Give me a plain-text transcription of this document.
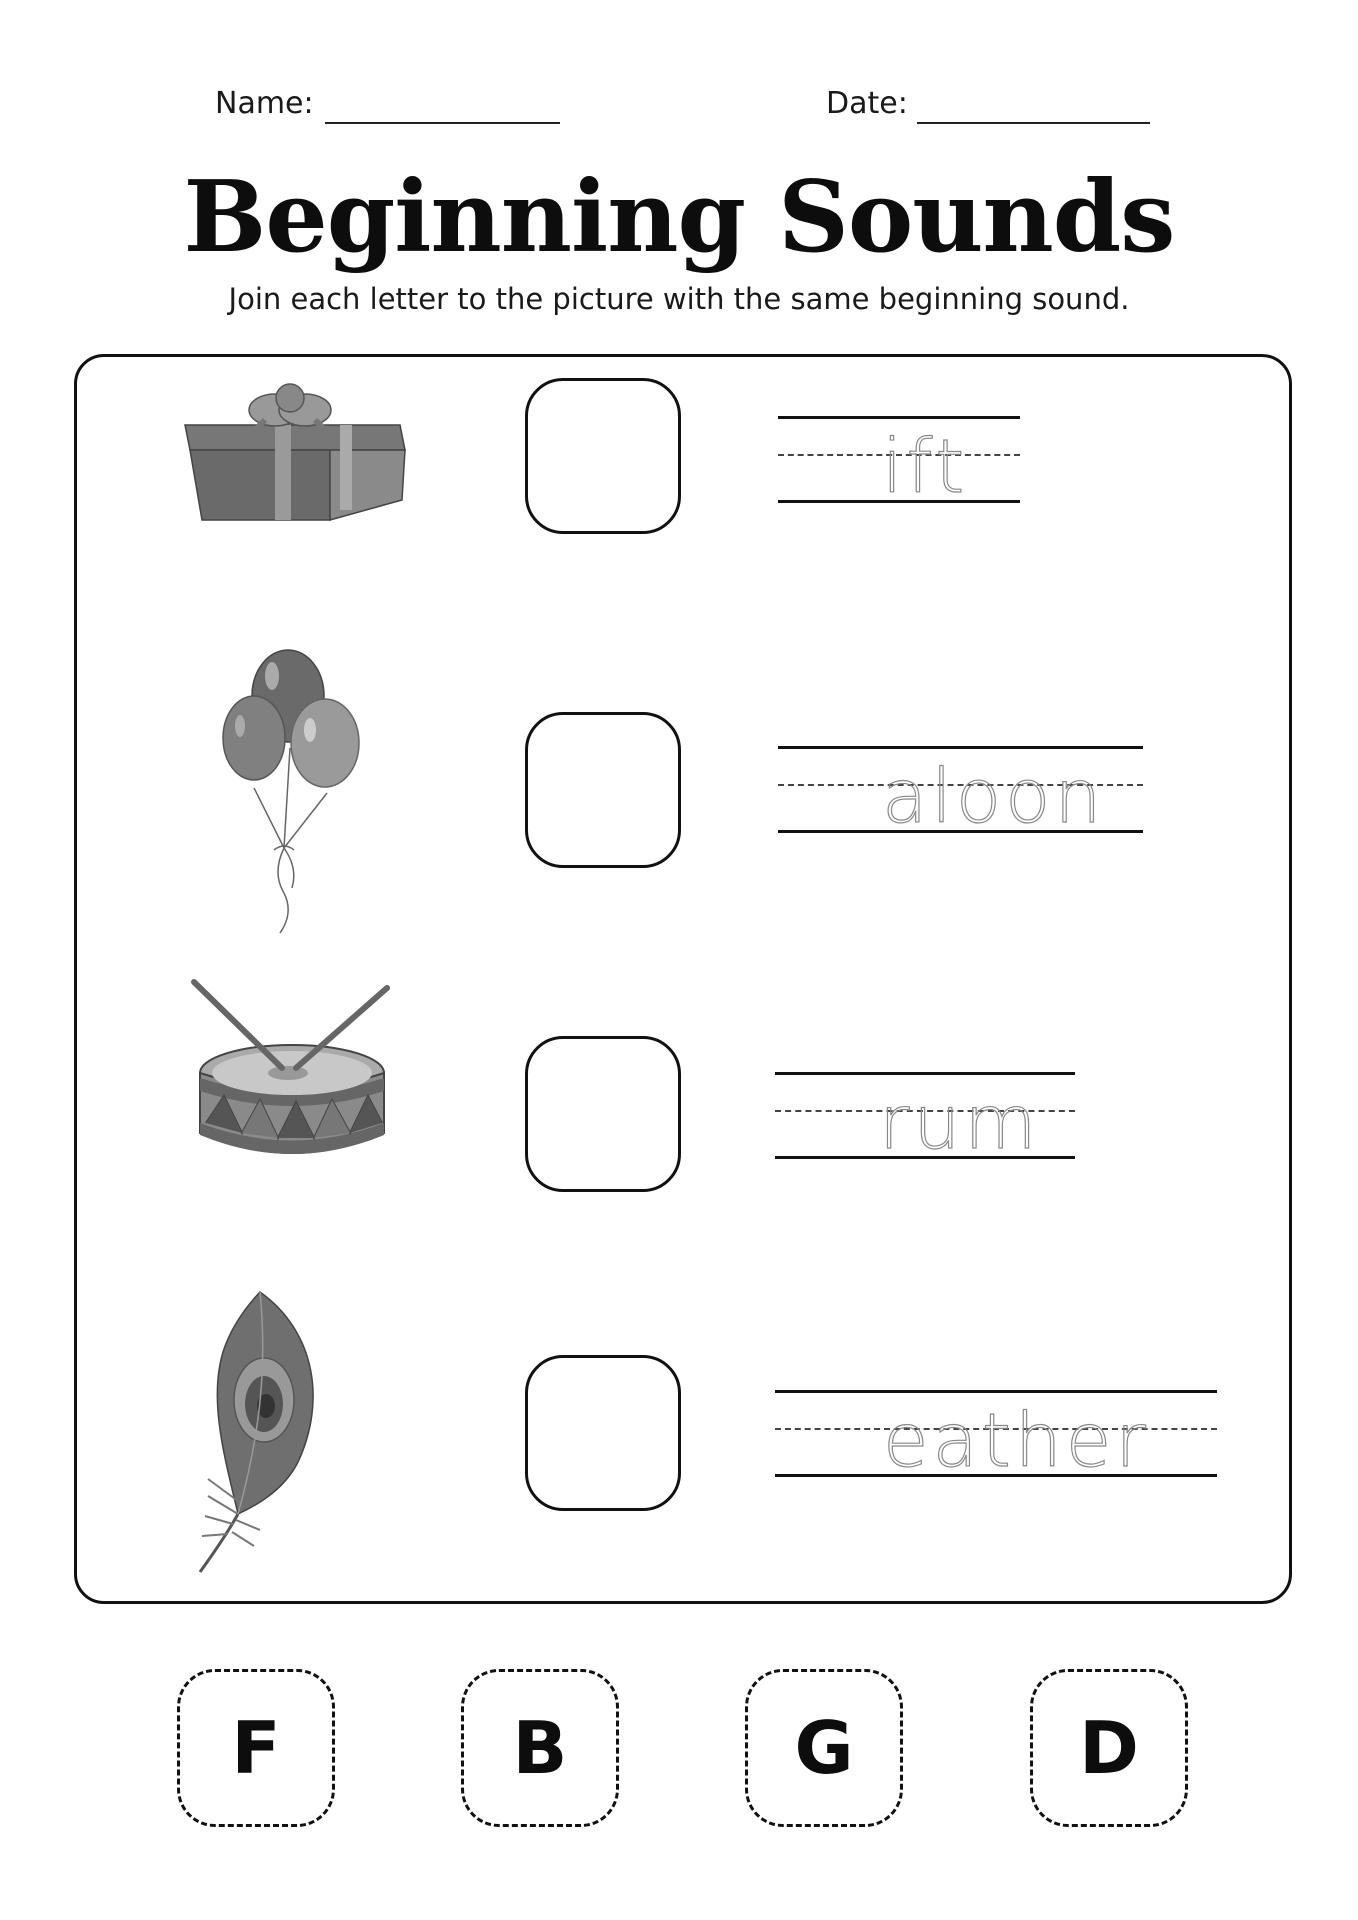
Name:	Date:
Beginning Sounds
Join each letter to the picture with the same beginning sound.
ift
aloon
rum
eather
F	B	G	D
